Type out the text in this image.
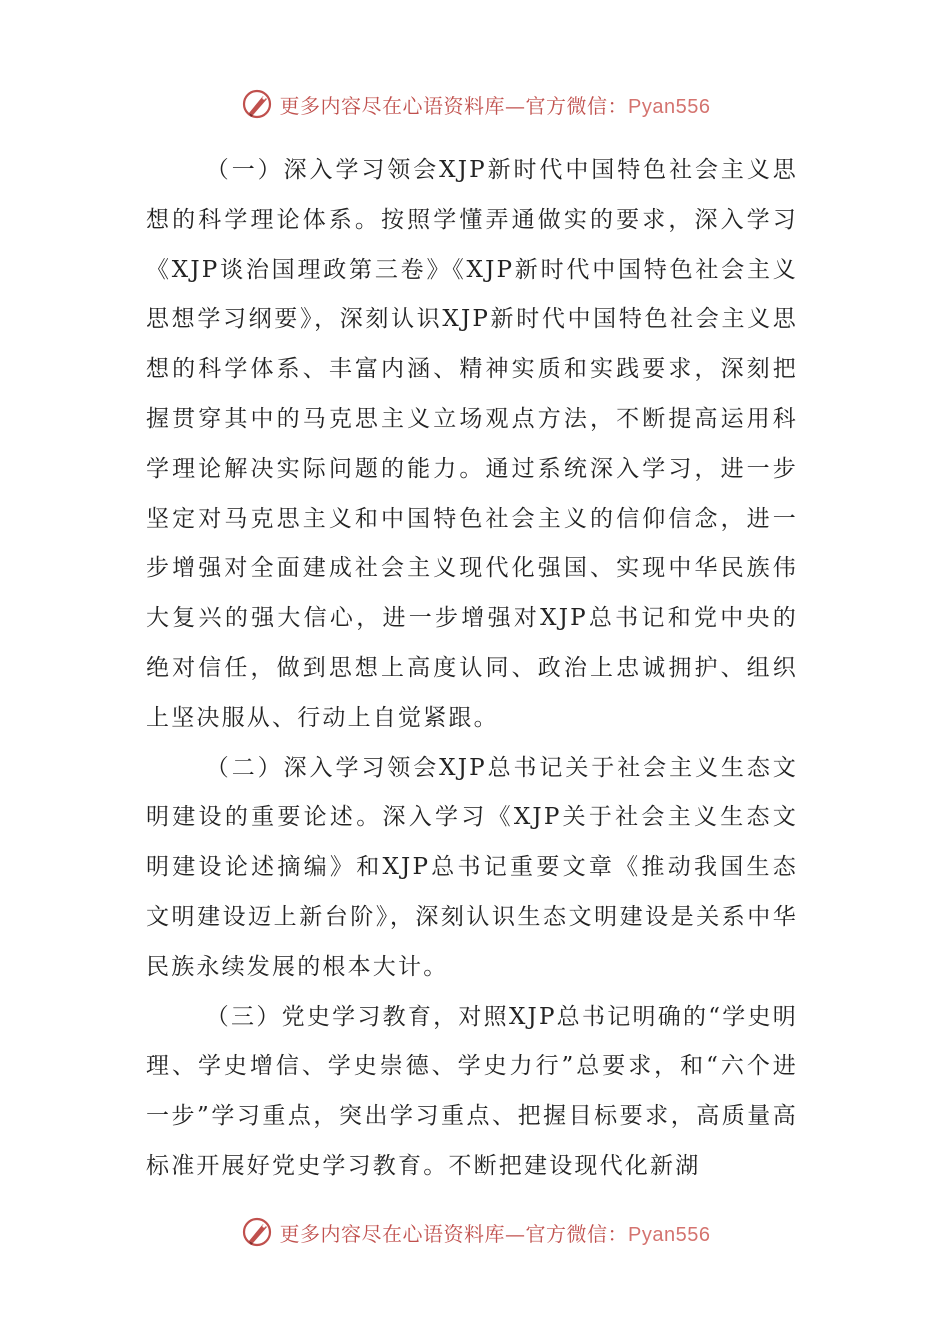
更多内容尽在心语资料库—官方微信：Pyan556

（一）深入学习领会XJP新时代中国特色社会主义思想的科学理论体系。按照学懂弄通做实的要求，深入学习《XJP谈治国理政第三卷》《XJP新时代中国特色社会主义思想学习纲要》，深刻认识XJP新时代中国特色社会主义思想的科学体系、丰富内涵、精神实质和实践要求，深刻把握贯穿其中的马克思主义立场观点方法，不断提高运用科学理论解决实际问题的能力。通过系统深入学习，进一步坚定对马克思主义和中国特色社会主义的信仰信念，进一步增强对全面建成社会主义现代化强国、实现中华民族伟大复兴的强大信心，进一步增强对XJP总书记和党中央的绝对信任，做到思想上高度认同、政治上忠诚拥护、组织上坚决服从、行动上自觉紧跟。

（二）深入学习领会XJP总书记关于社会主义生态文明建设的重要论述。深入学习《XJP关于社会主义生态文明建设论述摘编》和XJP总书记重要文章《推动我国生态文明建设迈上新台阶》，深刻认识生态文明建设是关系中华民族永续发展的根本大计。

（三）党史学习教育，对照XJP总书记明确的“学史明理、学史增信、学史崇德、学史力行”总要求，和“六个进一步”学习重点，突出学习重点、把握目标要求，高质量高标准开展好党史学习教育。不断把建设现代化新湖

更多内容尽在心语资料库—官方微信：Pyan556
